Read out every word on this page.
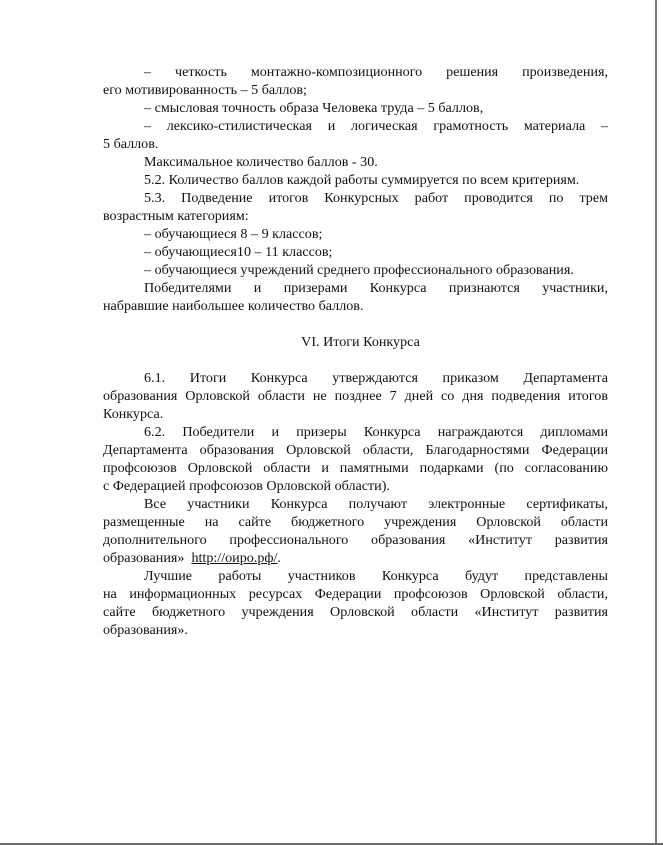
– четкость монтажно-композиционного решения произведения,

его мотивированность – 5 баллов;

– смысловая точность образа Человека труда – 5 баллов,

– лексико-стилистическая и логическая грамотность материала –

5 баллов.

Максимальное количество баллов - 30.

5.2. Количество баллов каждой работы суммируется по всем критериям.

5.3. Подведение итогов Конкурсных работ проводится по трем

возрастным категориям:

– обучающиеся 8 – 9 классов;

– обучающиеся10 – 11 классов;

– обучающиеся учреждений среднего профессионального образования.

Победителями и призерами Конкурса признаются участники,

набравшие наибольшее количество баллов.

VI. Итоги Конкурса

6.1. Итоги Конкурса утверждаются приказом Департамента

образования Орловской области не позднее 7 дней со дня подведения итогов

Конкурса.

6.2. Победители и призеры Конкурса награждаются дипломами

Департамента образования Орловской области, Благодарностями Федерации

профсоюзов Орловской области и памятными подарками (по согласованию

с Федерацией профсоюзов Орловской области).

Все участники Конкурса получают электронные сертификаты,

размещенные на сайте бюджетного учреждения Орловской области

дополнительного профессионального образования «Институт развития

образования» http://оиро.рф/.

Лучшие работы участников Конкурса будут представлены

на информационных ресурсах Федерации профсоюзов Орловской области,

сайте бюджетного учреждения Орловской области «Институт развития

образования».
